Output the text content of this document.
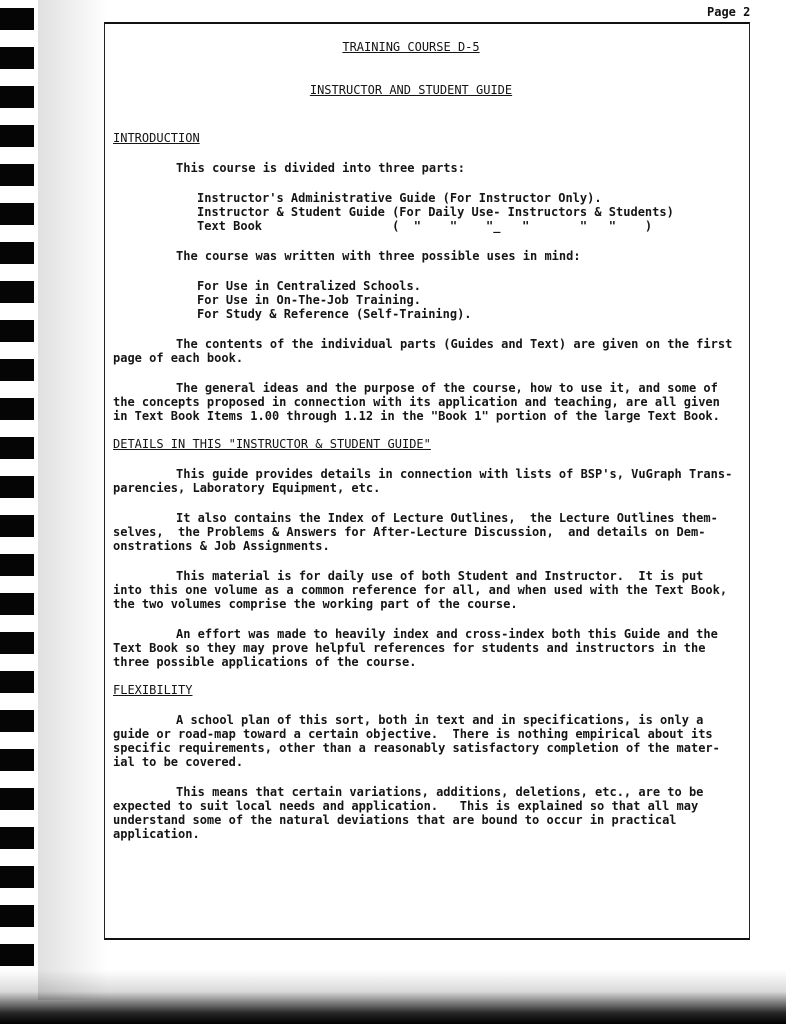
Page 2

TRAINING COURSE D-5

INSTRUCTOR AND STUDENT GUIDE

INTRODUCTION

This course is divided into three parts:

Instructor's Administrative Guide (For Instructor Only).
Instructor & Student Guide (For Daily Use- Instructors & Students)
Text Book                  (  "    "    "_   "       "   "    )

The course was written with three possible uses in mind:

For Use in Centralized Schools.
For Use in On-The-Job Training.
For Study & Reference (Self-Training).

The contents of the individual parts (Guides and Text) are given on the first

page of each book.

The general ideas and the purpose of the course, how to use it, and some of

the concepts proposed in connection with its application and teaching, are all given

in Text Book Items 1.00 through 1.12 in the "Book 1" portion of the large Text Book.

DETAILS IN THIS "INSTRUCTOR & STUDENT GUIDE"

This guide provides details in connection with lists of BSP's, VuGraph Trans-

parencies, Laboratory Equipment, etc.

It also contains the Index of Lecture Outlines,  the Lecture Outlines them-

selves,  the Problems & Answers for After-Lecture Discussion,  and details on Dem-

onstrations & Job Assignments.

This material is for daily use of both Student and Instructor.  It is put

into this one volume as a common reference for all, and when used with the Text Book,

the two volumes comprise the working part of the course.

An effort was made to heavily index and cross-index both this Guide and the

Text Book so they may prove helpful references for students and instructors in the

three possible applications of the course.

FLEXIBILITY

A school plan of this sort, both in text and in specifications, is only a

guide or road-map toward a certain objective.  There is nothing empirical about its

specific requirements, other than a reasonably satisfactory completion of the mater-

ial to be covered.

This means that certain variations, additions, deletions, etc., are to be

expected to suit local needs and application.   This is explained so that all may

understand some of the natural deviations that are bound to occur in practical

application.
